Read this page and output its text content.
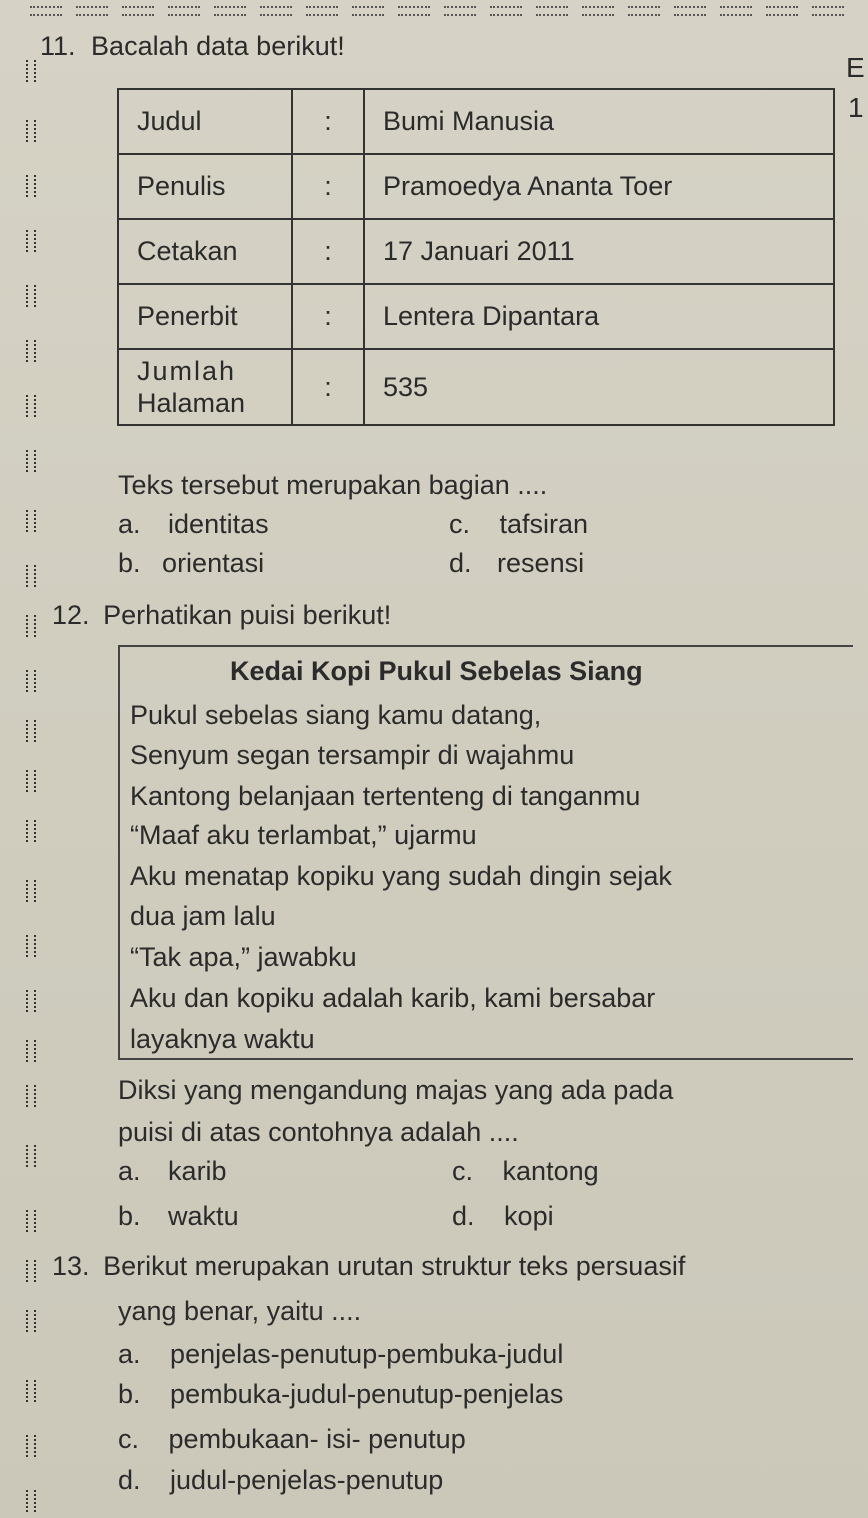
11. Bacalah data berikut!
E
1
Judul	:	Bumi Manusia
Penulis	:	Pramoedya Ananta Toer
Cetakan	:	17 Januari 2011
Penerbit	:	Lentera Dipantara
Jumlah
Halaman	:	535
Teks tersebut merupakan bagian ....
a. identitas	c. tafsiran
b. orientasi	d. resensi
12. Perhatikan puisi berikut!
Kedai Kopi Pukul Sebelas Siang
Pukul sebelas siang kamu datang,
Senyum segan tersampir di wajahmu
Kantong belanjaan tertenteng di tanganmu
“Maaf aku terlambat,” ujarmu
Aku menatap kopiku yang sudah dingin sejak
dua jam lalu
“Tak apa,” jawabku
Aku dan kopiku adalah karib, kami bersabar
layaknya waktu
Diksi yang mengandung majas yang ada pada
puisi di atas contohnya adalah ....
a. karib	c. kantong
b. waktu	d. kopi
13. Berikut merupakan urutan struktur teks persuasif
yang benar, yaitu ....
a. penjelas-penutup-pembuka-judul
b. pembuka-judul-penutup-penjelas
c. pembukaan- isi- penutup
d. judul-penjelas-penutup
